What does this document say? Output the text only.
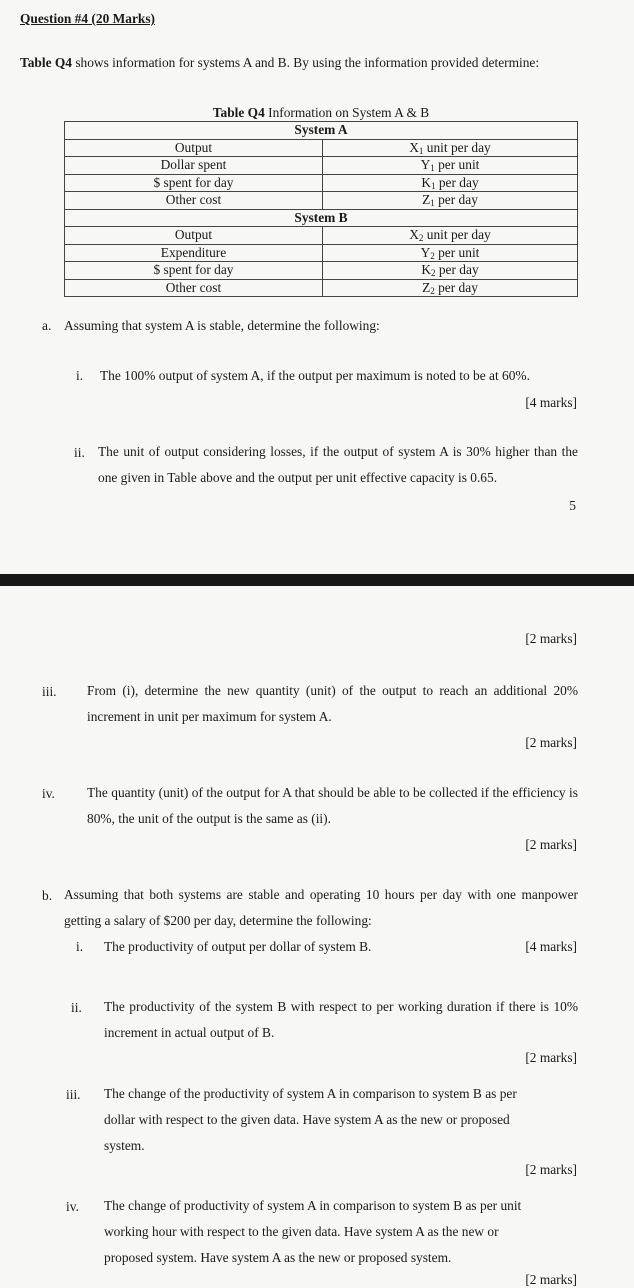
Question #4 (20 Marks)
Table Q4 shows information for systems A and B. By using the information provided determine:
Table Q4 Information on System A & B
System A	
Output	$X_1$ unit per day
Dollar spent	$Y_1$ per unit
$ spent for day	$K_1$ per day
Other cost	$Z_1$ per day
System B	
Output	$X_2$ unit per day
Expenditure	$Y_2$ per unit
$ spent for day	$K_2$ per day
Other cost	$Z_2$ per day
a. Assuming that system A is stable, determine the following:
i. The 100% output of system A, if the output per maximum is noted to be at 60%.
[4 marks]
ii. The unit of output considering losses, if the output of system A is 30% higher than the one given in Table above and the output per unit effective capacity is 0.65.
5
[2 marks]
iii. From (i), determine the new quantity (unit) of the output to reach an additional 20% increment in unit per maximum for system A.
[2 marks]
iv. The quantity (unit) of the output for A that should be able to be collected if the efficiency is 80%, the unit of the output is the same as (ii).
[2 marks]
b. Assuming that both systems are stable and operating 10 hours per day with one manpower getting a salary of $200 per day, determine the following:
i. The productivity of output per dollar of system B.	[4 marks]
ii. The productivity of the system B with respect to per working duration if there is 10% increment in actual output of B.
[2 marks]
iii. The change of the productivity of system A in comparison to system B as per dollar with respect to the given data. Have system A as the new or proposed system.
[2 marks]
iv. The change of productivity of system A in comparison to system B as per unit working hour with respect to the given data. Have system A as the new or proposed system. Have system A as the new or proposed system.
[2 marks]
